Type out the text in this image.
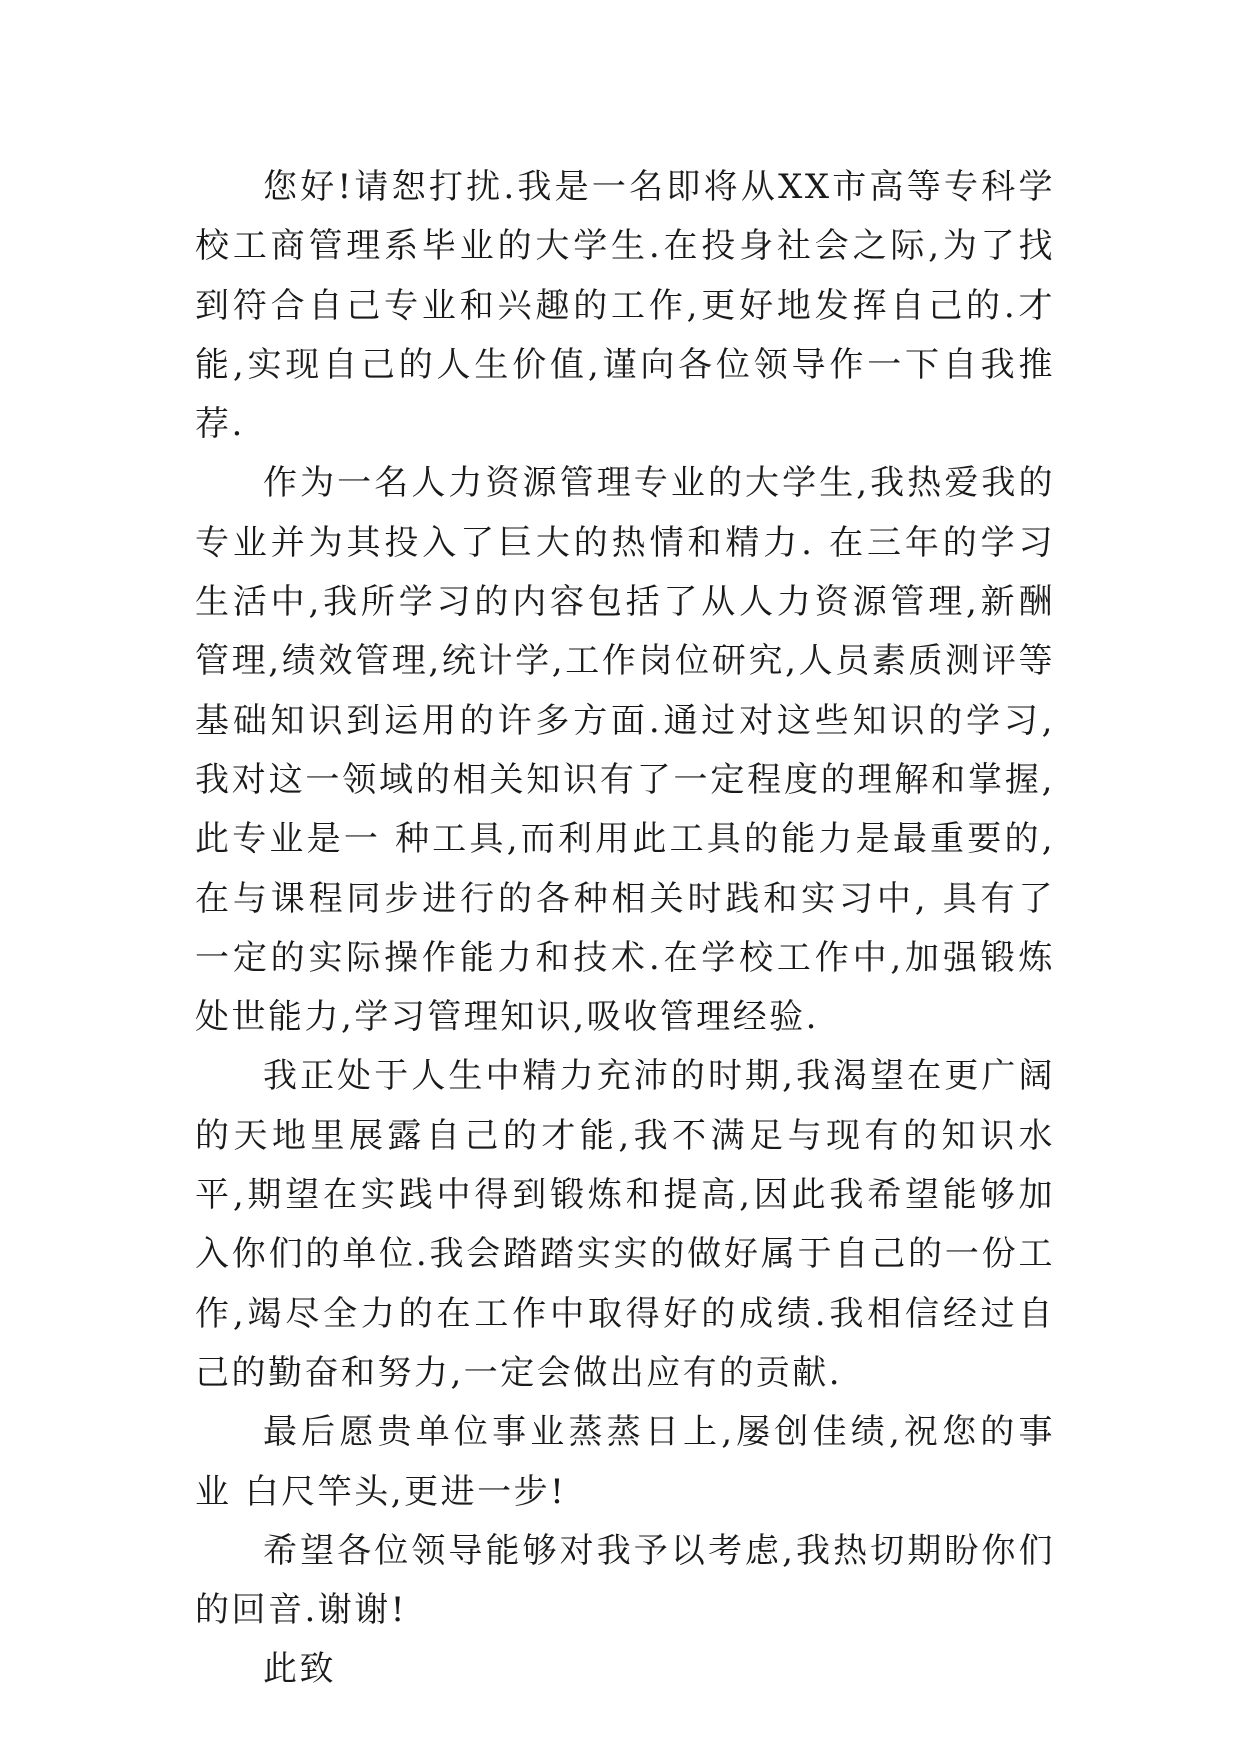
您好!请恕打扰.我是一名即将从XX市高等专科学校工商管理系毕业的大学生.在投身社会之际,为了找到符合自己专业和兴趣的工作,更好地发挥自己的.才能,实现自己的人生价值,谨向各位领导作一下自我推荐.

作为一名人力资源管理专业的大学生,我热爱我的专业并为其投入了巨大的热情和精力. 在三年的学习生活中,我所学习的内容包括了从人力资源管理,新酬管理,绩效管理,统计学,工作岗位研究,人员素质测评等基础知识到运用的许多方面.通过对这些知识的学习,我对这一领域的相关知识有了一定程度的理解和掌握,此专业是一 种工具,而利用此工具的能力是最重要的,在与课程同步进行的各种相关时践和实习中, 具有了一定的实际操作能力和技术.在学校工作中,加强锻炼处世能力,学习管理知识,吸收管理经验.

我正处于人生中精力充沛的时期,我渴望在更广阔的天地里展露自己的才能,我不满足与现有的知识水平,期望在实践中得到锻炼和提高,因此我希望能够加入你们的单位.我会踏踏实实的做好属于自己的一份工作,竭尽全力的在工作中取得好的成绩.我相信经过自己的勤奋和努力,一定会做出应有的贡献.

最后愿贵单位事业蒸蒸日上,屡创佳绩,祝您的事业 白尺竿头,更进一步!

希望各位领导能够对我予以考虑,我热切期盼你们的回音.谢谢!

此致
